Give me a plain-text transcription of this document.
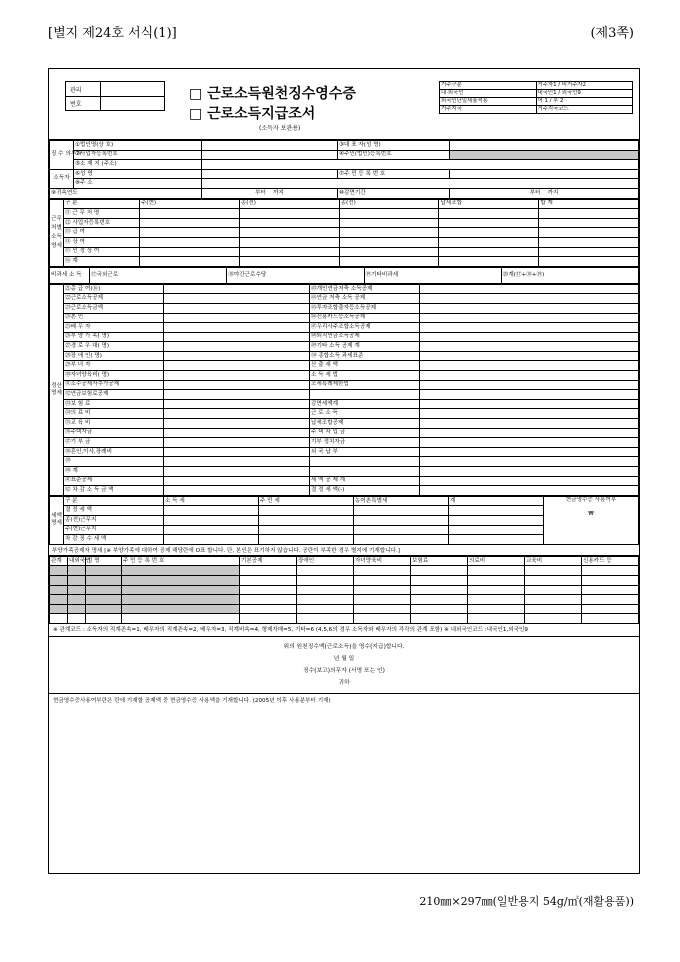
[별지 제24호 서식(1)]	(제3쪽)
관리
번호
□ 근로소득원천징수영수증
□ 근로소득지급조서
(소득자 보관용)
거주구분	거주자1 / 비거주자2
내·외국인	내국인1 / 외국인9
외국인단일세율적용	여 1 / 부 2
거주지국	거주지국코드
징 수 의무자	①법인명(상 호)		③대 표 자(성 명)	
	②사업자등록번호		④주민(법인)등록번호	
	⑤소 재 지 (주소)			
소득자	⑥성 명		⑦주 민 등 록 번 호	
	⑧주 소			
⑨귀속연도		부터 까지	⑩감면기간	부터 까지
근무처별소득명세	구 분	주(현)	종(전)	종(전)	납세조합	합 계
	⑪ 근 무 처 명					
	⑫ 사업자등록번호					
	⑬ 급 여					
	⑭ 상 여					
	⑮ 인 정 상 여					
	⑯ 계					
비과세 소 득	⑰국외근로	⑱야간근로수당	⑲기타비과세	⑳계(⑰+⑱+⑲)
정산명세	㉑총 급 여(⑯)		㊸개인연금저축 소득공제	
	㉒근로소득공제		㊹연금 저축 소득 공제	
	㉓근로소득금액		㊺투자조합출자등소득공제	
	㉔본 인		㊻신용카드등소득공제	
	㉕배 우 자		㊼우리사주조합소득공제	
	㉖부 양 가 족( 명)		㊽퇴직연금소득공제	
	㉗경 로 우 대( 명)		㊾기타 소득 공제 계	
	㉘장 애 인( 명)		㊿ 종합소득 과세표준	
	㉙부 녀 자		산 출 세 액	
	㉚자녀양육비( 명)		소 득 세 법	
	㉛소수공제자추가공제		조세특례제한법	
	㉜연금보험료공제			
	㉝보 험 료		감면세액계	
	㉞의 료 비		근 로 소 득	
	㉟교 육 비		납세조합공제	
	㊱주택자금		주 택 차 입 금	
	㊲기 부 금		기부 정치자금	
	㊳혼인,이사,장례비		외 국 납 부	
	㊴			
	㊵ 계			
	㊶표준공제		세 액 공 제 계	
	㊷ 차 감 소 득 금 액		결 정 세 액(-)	
세액명세	구 분	소 득 세	주 민 세	농어촌특별세	계	현금영수증 사용여부

₩
	결 정 세 액					
	종(전)근무지					
	주(현)근무지					
	차 감 징 수 세 액					
부양가족공제자 명세 [※ 부양가족에 대하여 공제 해당란에 O표 합니다. 단, 본인은 표기하지 않습니다. 공란이 부족한 경우 별지에 기재합니다.]
관계	내외국인	성 명	주 민 등 록 번 호	기본공제	장애인	자녀양육비	보험료	의료비	교육비	신용카드 등

※ 관계코드 : 소득자의 직계존속=1, 배우자의 직계존속=2, 배우자=3, 직계비속=4, 형제자매=5, 기타=6 (4,5,6의 경우 소득자와 배우자의 각각의 관계 포함) ※ 내외국인코드 :내국인1,외국인9
위의 원천징수액(근로소득)을 영수(지급)합니다.
년 월 일
징수(보고)의무자 (서명 또는 인)
귀하
현금영수증사용여부란은 란에 기재할 공제액 중 현금영수증 사용액을 기재합니다. (2005년 이후 사용분부터 기재)
210㎜×297㎜(일반용지 54g/㎡(재활용품))
